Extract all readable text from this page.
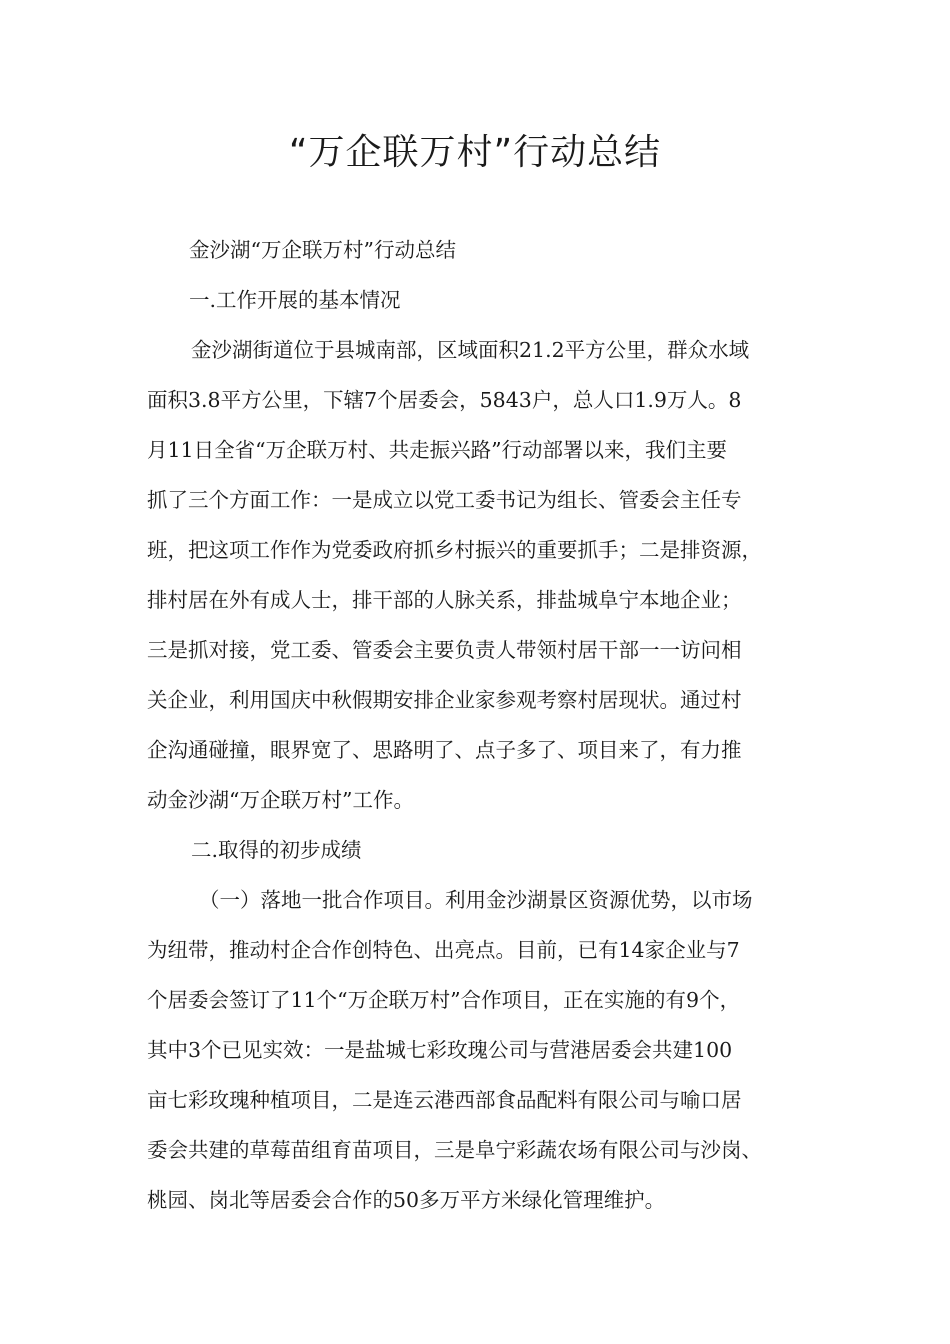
“万企联万村”行动总结
金沙湖“万企联万村”行动总结
一.工作开展的基本情况
金沙湖街道位于县城南部，区域面积21.2平方公里，群众水域
面积3.8平方公里，下辖7个居委会，5843户，总人口1.9万人。8
月11日全省“万企联万村、共走振兴路”行动部署以来，我们主要
抓了三个方面工作：一是成立以党工委书记为组长、管委会主任专
班，把这项工作作为党委政府抓乡村振兴的重要抓手；二是排资源，
排村居在外有成人士，排干部的人脉关系，排盐城阜宁本地企业；
三是抓对接，党工委、管委会主要负责人带领村居干部一一访问相
关企业，利用国庆中秋假期安排企业家参观考察村居现状。通过村
企沟通碰撞，眼界宽了、思路明了、点子多了、项目来了，有力推
动金沙湖“万企联万村”工作。
二.取得的初步成绩
（一）落地一批合作项目。利用金沙湖景区资源优势，以市场
为纽带，推动村企合作创特色、出亮点。目前，已有14家企业与7
个居委会签订了11个“万企联万村”合作项目，正在实施的有9个，
其中3个已见实效：一是盐城七彩玫瑰公司与营港居委会共建100
亩七彩玫瑰种植项目，二是连云港西部食品配料有限公司与喻口居
委会共建的草莓苗组育苗项目，三是阜宁彩蔬农场有限公司与沙岗、
桃园、岗北等居委会合作的50多万平方米绿化管理维护。
